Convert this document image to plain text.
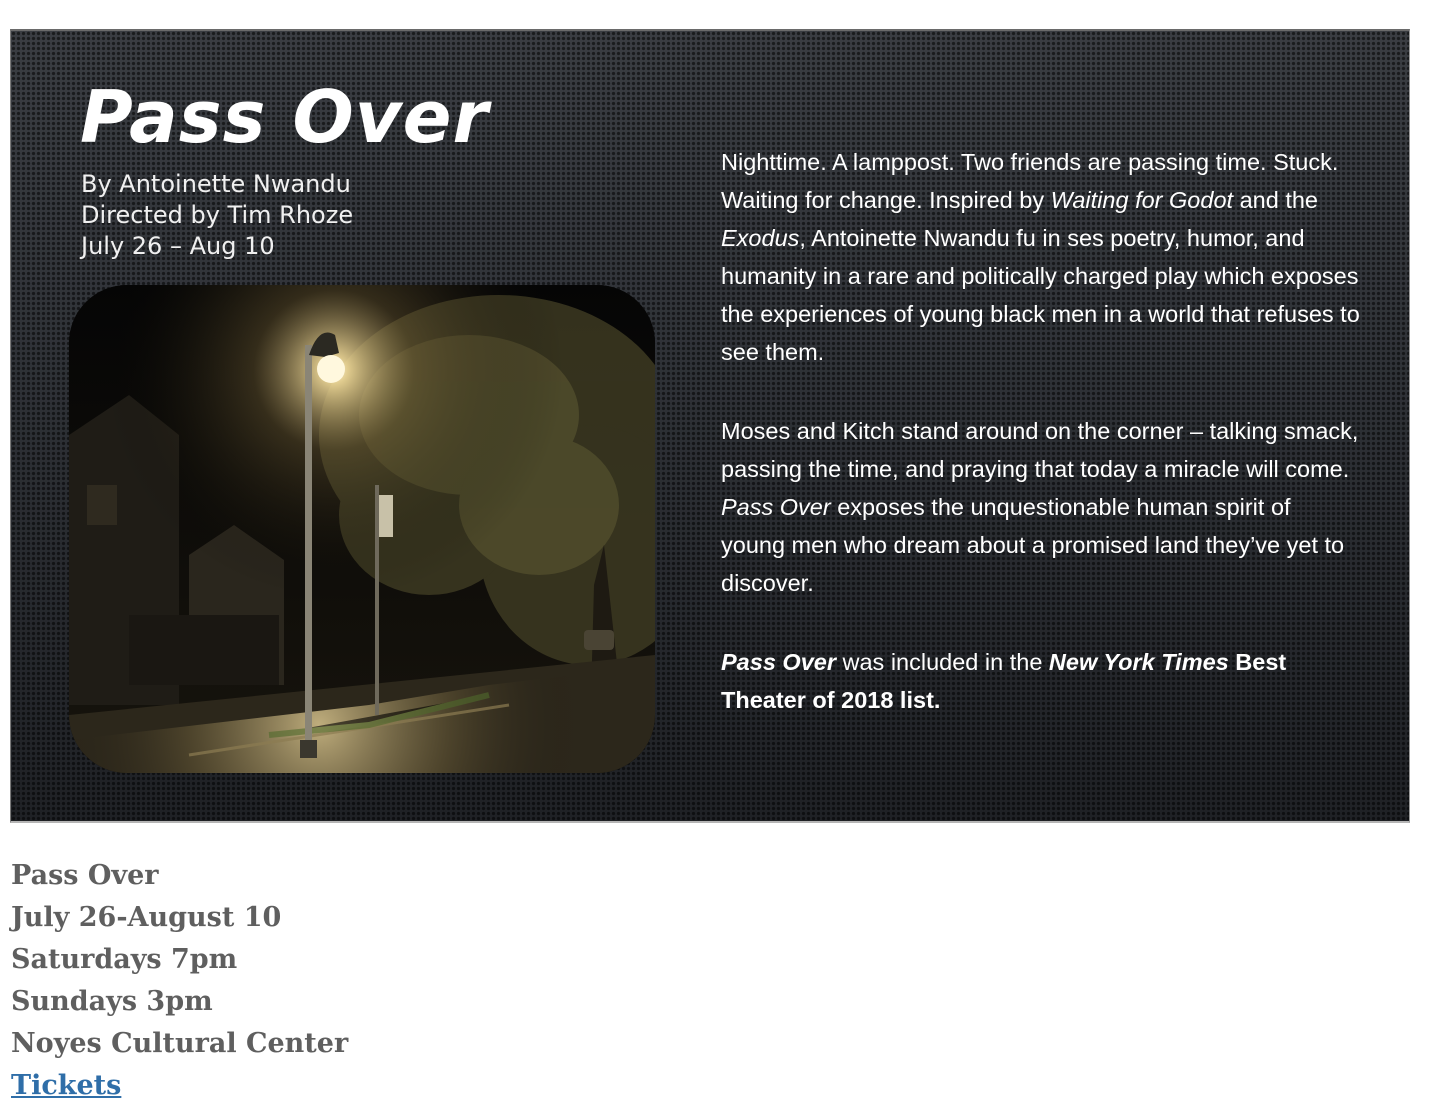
Pass Over
By Antoinette Nwandu
Directed by Tim Rhoze
July 26 – Aug 10

Nighttime. A lamppost. Two friends are passing time. Stuck. Waiting for change. Inspired by Waiting for Godot and the Exodus, Antoinette Nwandu fu in ses poetry, humor, and humanity in a rare and politically charged play which exposes the experiences of young black men in a world that refuses to see them.

Moses and Kitch stand around on the corner – talking smack, passing the time, and praying that today a miracle will come. Pass Over exposes the unquestionable human spirit of young men who dream about a promised land they’ve yet to discover.

Pass Over was included in the New York Times Best Theater of 2018 list.

Pass Over
July 26-August 10
Saturdays 7pm
Sundays 3pm
Noyes Cultural Center
Tickets
